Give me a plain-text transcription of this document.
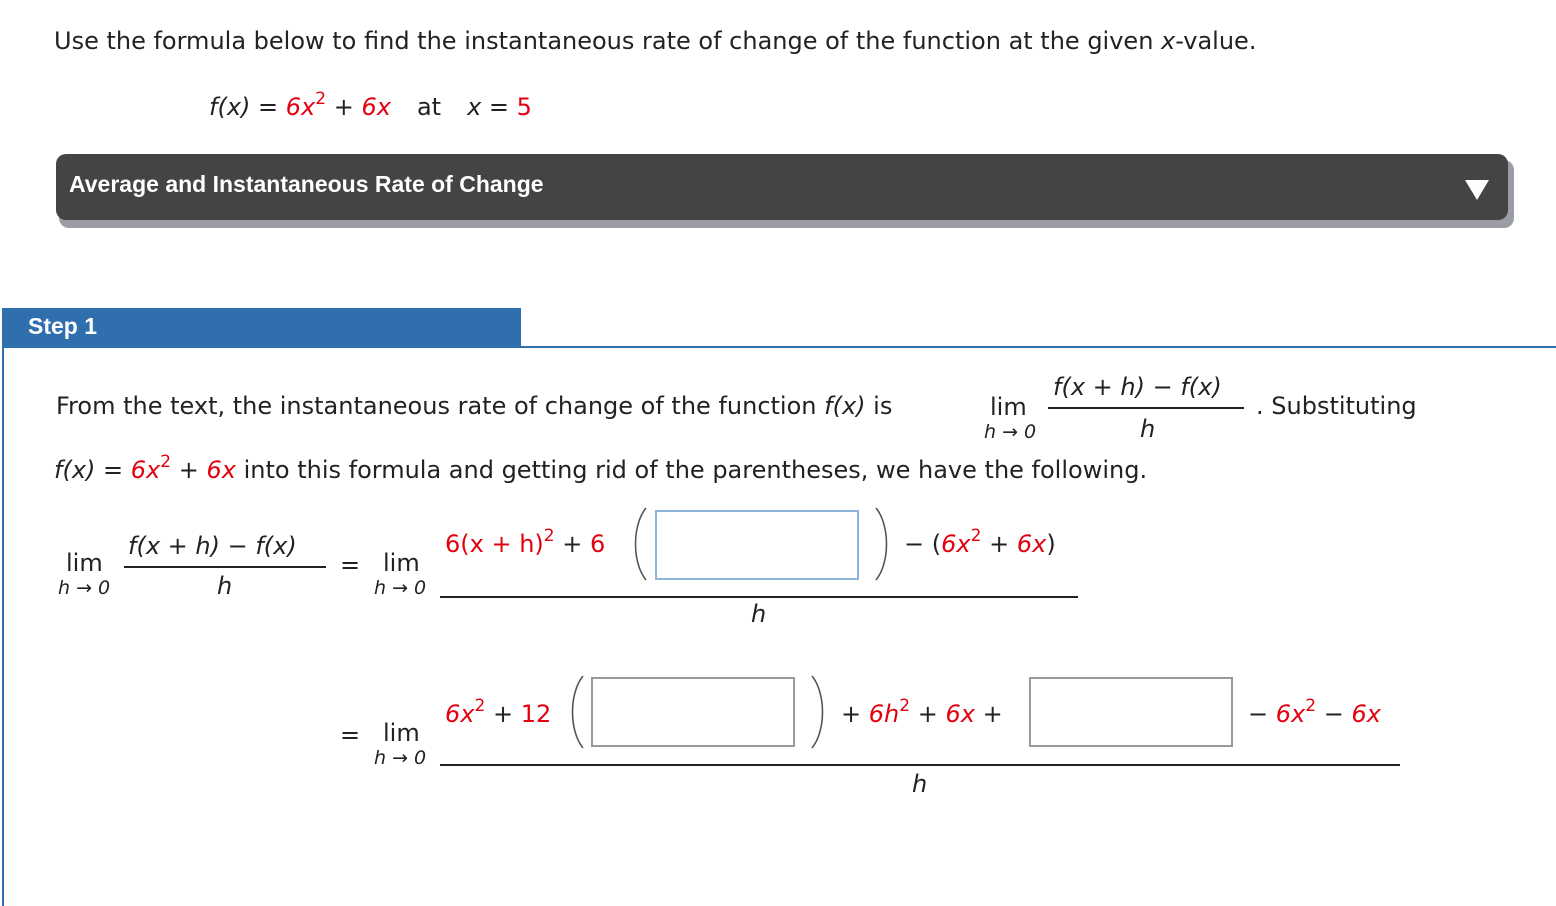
Use the formula below to find the instantaneous rate of change of the function at the given x-value.
$f(x) = 6x^2 + 6x$ at x = 5
Average and Instantaneous Rate of Change
Step 1
From the text, the instantaneous rate of change of the function f(x) is	lim
h → 0
f(x + h) − f(x)
h
. Substituting
$f(x) = 6x^2 + 6x$ into this formula and getting rid of the parentheses, we have the following.
lim
h → 0
f(x + h) − f(x)
h
= lim
h → 0
$6(x + h)^2 + 6$	− $(6x^2 + 6x)$
h
= lim
h → 0
$6x^2 + 12$	+ $6h^2 + 6x$ +	− $6x^2 - 6x$
h
